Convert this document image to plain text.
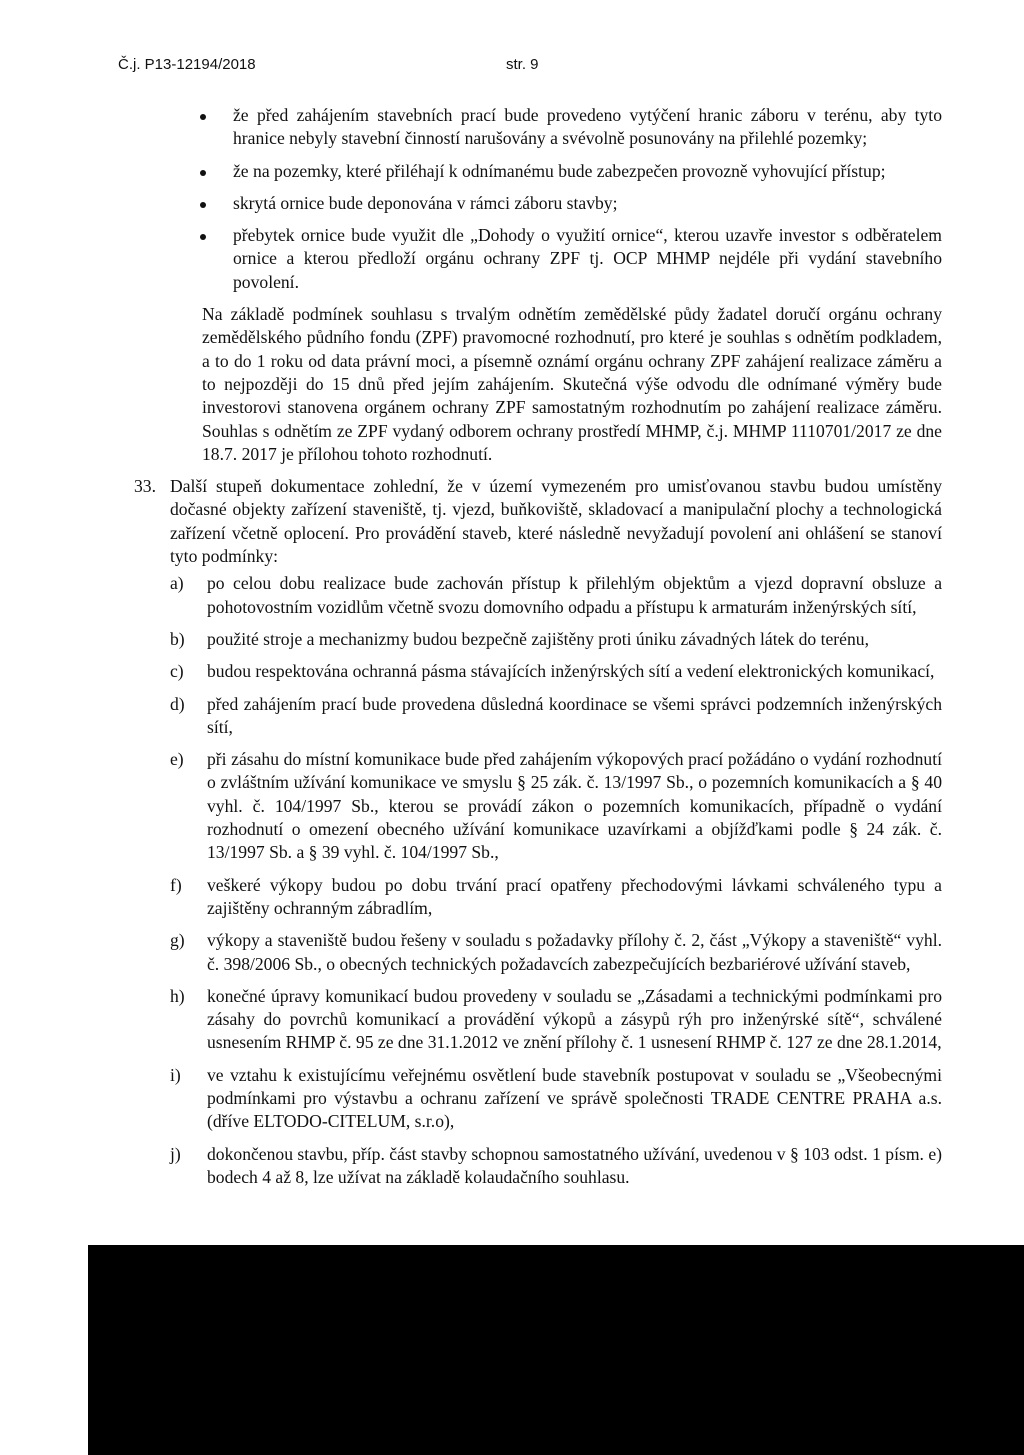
Č.j. P13-12194/2018	str. 9
že před zahájením stavebních prací bude provedeno vytýčení hranic záboru v terénu, aby tyto hranice nebyly stavební činností narušovány a svévolně posunovány na přilehlé pozemky;
že na pozemky, které přiléhají k odnímanému bude zabezpečen provozně vyhovující přístup;
skrytá ornice bude deponována v rámci záboru stavby;
přebytek ornice bude využit dle „Dohody o využití ornice“, kterou uzavře investor s odběratelem ornice a kterou předloží orgánu ochrany ZPF tj. OCP MHMP nejdéle při vydání stavebního povolení.

Na základě podmínek souhlasu s trvalým odnětím zemědělské půdy žadatel doručí orgánu ochrany zemědělského půdního fondu (ZPF) pravomocné rozhodnutí, pro které je souhlas s odnětím podkladem, a to do 1 roku od data právní moci, a písemně oznámí orgánu ochrany ZPF zahájení realizace záměru a to nejpozději do 15 dnů před jejím zahájením. Skutečná výše odvodu dle odnímané výměry bude investorovi stanovena orgánem ochrany ZPF samostatným rozhodnutím po zahájení realizace záměru. Souhlas s odnětím ze ZPF vydaný odborem ochrany prostředí MHMP, č.j. MHMP 1110701/2017 ze dne 18.7. 2017 je přílohou tohoto rozhodnutí.

33. Další stupeň dokumentace zohlední, že v území vymezeném pro umisťovanou stavbu budou umístěny dočasné objekty zařízení staveniště, tj. vjezd, buňkoviště, skladovací a manipulační plochy a technologická zařízení včetně oplocení. Pro provádění staveb, které následně nevyžadují povolení ani ohlášení se stanoví tyto podmínky:
a) po celou dobu realizace bude zachován přístup k přilehlým objektům a vjezd dopravní obsluze a pohotovostním vozidlům včetně svozu domovního odpadu a přístupu k armaturám inženýrských sítí,
b) použité stroje a mechanizmy budou bezpečně zajištěny proti úniku závadných látek do terénu,
c) budou respektována ochranná pásma stávajících inženýrských sítí a vedení elektronických komunikací,
d) před zahájením prací bude provedena důsledná koordinace se všemi správci podzemních inženýrských sítí,
e) při zásahu do místní komunikace bude před zahájením výkopových prací požádáno o vydání rozhodnutí o zvláštním užívání komunikace ve smyslu § 25 zák. č. 13/1997 Sb., o pozemních komunikacích a § 40 vyhl. č. 104/1997 Sb., kterou se provádí zákon o pozemních komunikacích, případně o vydání rozhodnutí o omezení obecného užívání komunikace uzavírkami a objížďkami podle § 24 zák. č. 13/1997 Sb. a § 39 vyhl. č. 104/1997 Sb.,
f) veškeré výkopy budou po dobu trvání prací opatřeny přechodovými lávkami schváleného typu a zajištěny ochranným zábradlím,
g) výkopy a staveniště budou řešeny v souladu s požadavky přílohy č. 2, část „Výkopy a staveniště“ vyhl. č. 398/2006 Sb., o obecných technických požadavcích zabezpečujících bezbariérové užívání staveb,
h) konečné úpravy komunikací budou provedeny v souladu se „Zásadami a technickými podmínkami pro zásahy do povrchů komunikací a provádění výkopů a zásypů rýh pro inženýrské sítě“, schválené usnesením RHMP č. 95 ze dne 31.1.2012 ve znění přílohy č. 1 usnesení RHMP č. 127 ze dne 28.1.2014,
i) ve vztahu k existujícímu veřejnému osvětlení bude stavebník postupovat v souladu se „Všeobecnými podmínkami pro výstavbu a ochranu zařízení ve správě společnosti TRADE CENTRE PRAHA a.s. (dříve ELTODO-CITELUM, s.r.o),
j) dokončenou stavbu, příp. část stavby schopnou samostatného užívání, uvedenou v § 103 odst. 1 písm. e) bodech 4 až 8, lze užívat na základě kolaudačního souhlasu.
